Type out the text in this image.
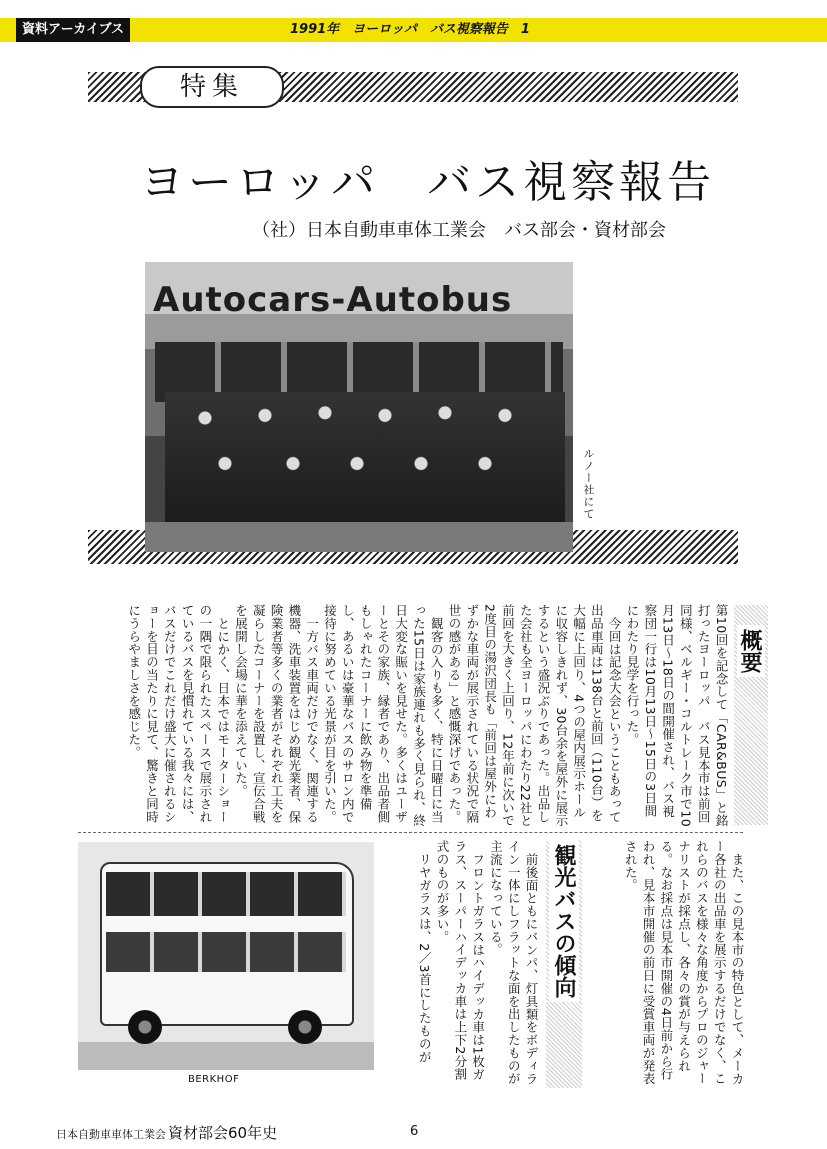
資料アーカイブス	1991年　ヨーロッパ　バス視察報告　1
特集
ヨーロッパ　バス視察報告
（社）日本自動車車体工業会　バス部会・資材部会
Autocars-Autobus
ルノー社にて
概要

第10回を記念して「CAR&BUS」と銘打ったヨーロッパ　バス見本市は前回同様、ベルギー・コルトレーク市で10月13日～18日の間開催され、バス視察団一行は10月13日～15日の3日間にわたり見学を行った。

今回は記念大会ということもあって出品車両は138台と前回（110台）を大幅に上回り、4つの屋内展示ホールに収容しきれず、30台余を屋外に展示するという盛況ぶりであった。出品した会社も全ヨーロッパにわたり22社と前回を大きく上回り、12年前に次いで2度目の湯沢団長も「前回は屋外にわずかな車両が展示されている状況で隔世の感がある」と感慨深げであった。

観客の入りも多く、特に日曜日に当った15日は家族連れも多く見られ、終日大変な賑いを見せた。多くはユーザーとその家族、縁者であり、出品者側もしゃれたコーナーに飲み物を準備し、あるいは豪華なバスのサロン内で接待に努めている光景が目を引いた。

一方バス車両だけでなく、関連する機器、洗車装置をはじめ観光業者、保険業者等多くの業者がそれぞれ工夫を凝らしたコーナーを設置し、宣伝合戦を展開し会場に華を添えていた。

とにかく、日本ではモーターショーの一隅で限られたスペースで展示されているバスを見慣れている我々には、バスだけでこれだけ盛大に催されるショーを目の当たりに見て、驚きと同時にうらやましさを感じた。

また、この見本市の特色として、メーカー各社の出品車を展示するだけでなく、これらのバスを様々な角度からプロのジャーナリストが採点し、各々の賞が与えられる。なお採点は見本市開催の4日前から行われ、見本市開催の前日に受賞車両が発表された。

観光バスの傾向

前後面ともにバンパ、灯具類をボディライン一体にしフラットな面を出したものが主流になっている。

フロントガラスはハイデッカ車は1枚ガラス、スーパーハイデッカ車は上下2分割式のものが多い。

リヤガラスは、2／3首にしたものが

BERKHOF
日本自動車車体工業会 資材部会60年史	6
